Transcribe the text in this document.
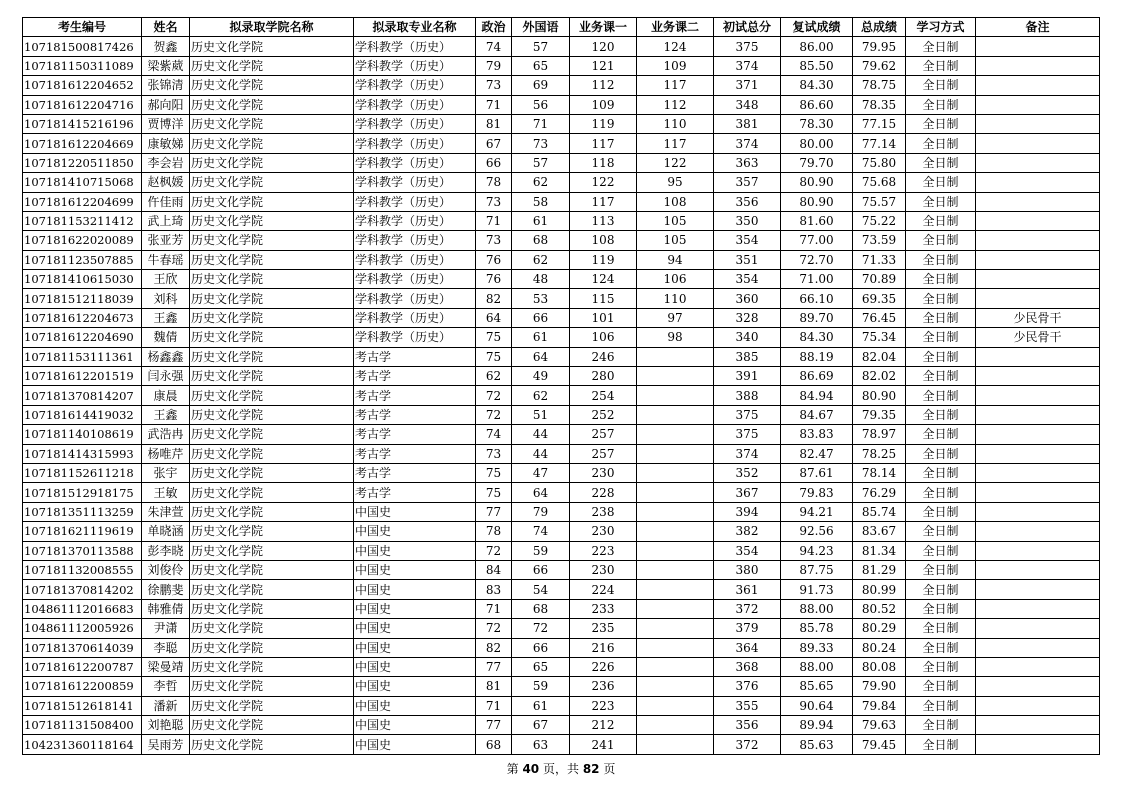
考生编号	姓名	拟录取学院名称	拟录取专业名称	政治	外国语	业务课一	业务课二	初试总分	复试成绩	总成绩	学习方式	备注
107181500817426	贺鑫	历史文化学院	学科教学（历史）	74	57	120	124	375	86.00	79.95	全日制	
107181150311089	梁紫葳	历史文化学院	学科教学（历史）	79	65	121	109	374	85.50	79.62	全日制	
107181612204652	张锦清	历史文化学院	学科教学（历史）	73	69	112	117	371	84.30	78.75	全日制	
107181612204716	郝向阳	历史文化学院	学科教学（历史）	71	56	109	112	348	86.60	78.35	全日制	
107181415216196	贾博洋	历史文化学院	学科教学（历史）	81	71	119	110	381	78.30	77.15	全日制	
107181612204669	康敏娣	历史文化学院	学科教学（历史）	67	73	117	117	374	80.00	77.14	全日制	
107181220511850	李会岩	历史文化学院	学科教学（历史）	66	57	118	122	363	79.70	75.80	全日制	
107181410715068	赵枫媛	历史文化学院	学科教学（历史）	78	62	122	95	357	80.90	75.68	全日制	
107181612204699	仵佳雨	历史文化学院	学科教学（历史）	73	58	117	108	356	80.90	75.57	全日制	
107181153211412	武上琦	历史文化学院	学科教学（历史）	71	61	113	105	350	81.60	75.22	全日制	
107181622020089	张亚芳	历史文化学院	学科教学（历史）	73	68	108	105	354	77.00	73.59	全日制	
107181123507885	牛春瑶	历史文化学院	学科教学（历史）	76	62	119	94	351	72.70	71.33	全日制	
107181410615030	王欣	历史文化学院	学科教学（历史）	76	48	124	106	354	71.00	70.89	全日制	
107181512118039	刘科	历史文化学院	学科教学（历史）	82	53	115	110	360	66.10	69.35	全日制	
107181612204673	王鑫	历史文化学院	学科教学（历史）	64	66	101	97	328	89.70	76.45	全日制	少民骨干
107181612204690	魏倩	历史文化学院	学科教学（历史）	75	61	106	98	340	84.30	75.34	全日制	少民骨干
107181153111361	杨鑫鑫	历史文化学院	考古学	75	64	246		385	88.19	82.04	全日制	
107181612201519	闫永强	历史文化学院	考古学	62	49	280		391	86.69	82.02	全日制	
107181370814207	康晨	历史文化学院	考古学	72	62	254		388	84.94	80.90	全日制	
107181614419032	王鑫	历史文化学院	考古学	72	51	252		375	84.67	79.35	全日制	
107181140108619	武浩冉	历史文化学院	考古学	74	44	257		375	83.83	78.97	全日制	
107181414315993	杨唯芹	历史文化学院	考古学	73	44	257		374	82.47	78.25	全日制	
107181152611218	张宇	历史文化学院	考古学	75	47	230		352	87.61	78.14	全日制	
107181512918175	王敏	历史文化学院	考古学	75	64	228		367	79.83	76.29	全日制	
107181351113259	朱津萱	历史文化学院	中国史	77	79	238		394	94.21	85.74	全日制	
107181621119619	单晓涵	历史文化学院	中国史	78	74	230		382	92.56	83.67	全日制	
107181370113588	彭李晓	历史文化学院	中国史	72	59	223		354	94.23	81.34	全日制	
107181132008555	刘俊伶	历史文化学院	中国史	84	66	230		380	87.75	81.29	全日制	
107181370814202	徐鹏斐	历史文化学院	中国史	83	54	224		361	91.73	80.99	全日制	
104861112016683	韩雅倩	历史文化学院	中国史	71	68	233		372	88.00	80.52	全日制	
104861112005926	尹潇	历史文化学院	中国史	72	72	235		379	85.78	80.29	全日制	
107181370614039	李聪	历史文化学院	中国史	82	66	216		364	89.33	80.24	全日制	
107181612200787	梁曼靖	历史文化学院	中国史	77	65	226		368	88.00	80.08	全日制	
107181612200859	李哲	历史文化学院	中国史	81	59	236		376	85.65	79.90	全日制	
107181512618141	潘新	历史文化学院	中国史	71	61	223		355	90.64	79.84	全日制	
107181131508400	刘艳聪	历史文化学院	中国史	77	67	212		356	89.94	79.63	全日制	
104231360118164	吴雨芳	历史文化学院	中国史	68	63	241		372	85.63	79.45	全日制	
第 40 页，共 82 页
